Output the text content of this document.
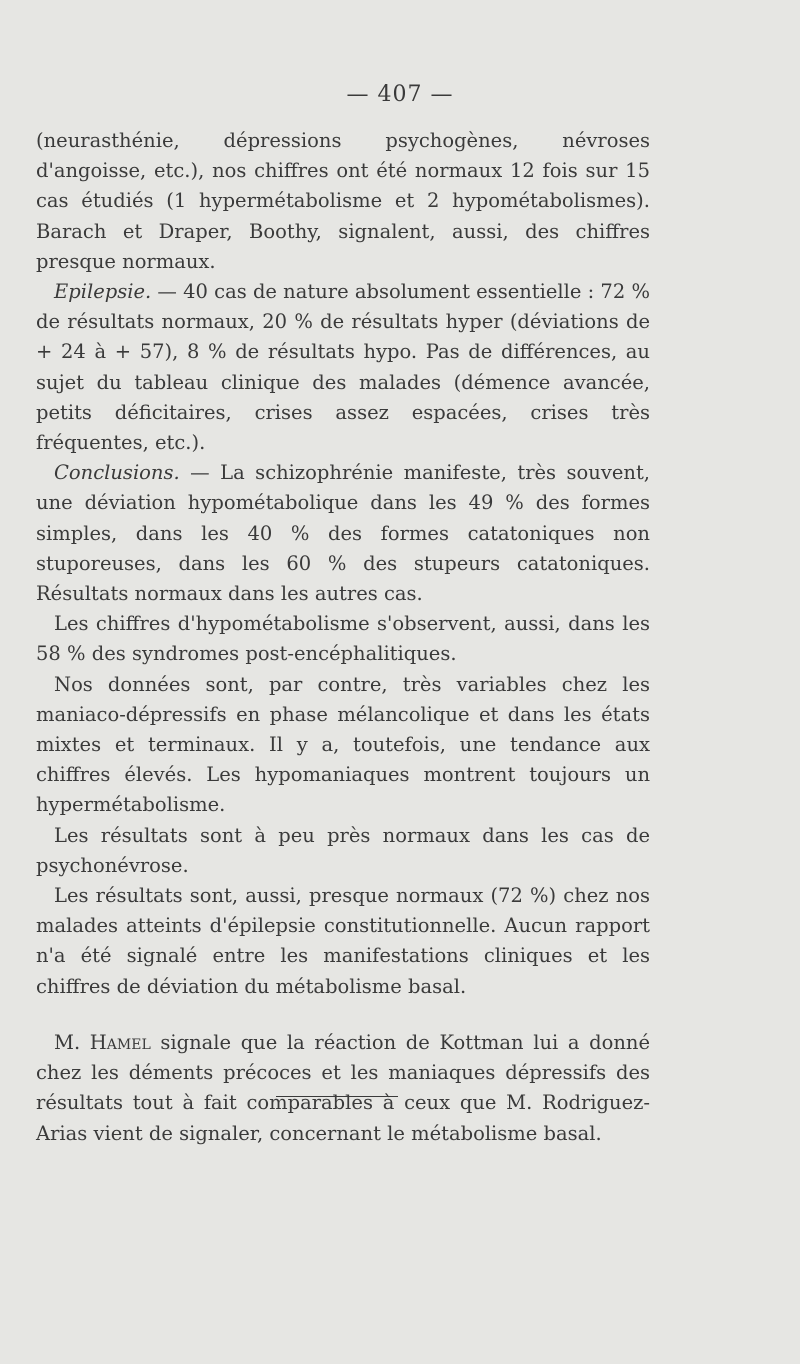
— 407 —

(neurasthénie, dépressions psychogènes, névroses d'angoisse, etc.), nos chiffres ont été normaux 12 fois sur 15 cas étudiés (1 hypermétabolisme et 2 hypométabolismes). Barach et Draper, Boothy, signalent, aussi, des chiffres presque normaux.

Epilepsie. — 40 cas de nature absolument essentielle : 72 % de résultats normaux, 20 % de résultats hyper (déviations de + 24 à + 57), 8 % de résultats hypo. Pas de différences, au sujet du tableau clinique des malades (démence avancée, petits déficitaires, crises assez espacées, crises très fréquentes, etc.).

Conclusions. — La schizophrénie manifeste, très souvent, une déviation hypométabolique dans les 49 % des formes simples, dans les 40 % des formes catatoniques non stuporeuses, dans les 60 % des stupeurs catatoniques. Résultats normaux dans les autres cas.

Les chiffres d'hypométabolisme s'observent, aussi, dans les 58 % des syndromes post-encéphalitiques.

Nos données sont, par contre, très variables chez les maniaco-dépressifs en phase mélancolique et dans les états mixtes et terminaux. Il y a, toutefois, une tendance aux chiffres élevés. Les hypomaniaques montrent toujours un hypermétabolisme.

Les résultats sont à peu près normaux dans les cas de psychonévrose.

Les résultats sont, aussi, presque normaux (72 %) chez nos malades atteints d'épilepsie constitutionnelle. Aucun rapport n'a été signalé entre les manifestations cliniques et les chiffres de déviation du métabolisme basal.

M. Hamel signale que la réaction de Kottman lui a donné chez les déments précoces et les maniaques dépressifs des résultats tout à fait comparables à ceux que M. Rodriguez-Arias vient de signaler, concernant le métabolisme basal.
